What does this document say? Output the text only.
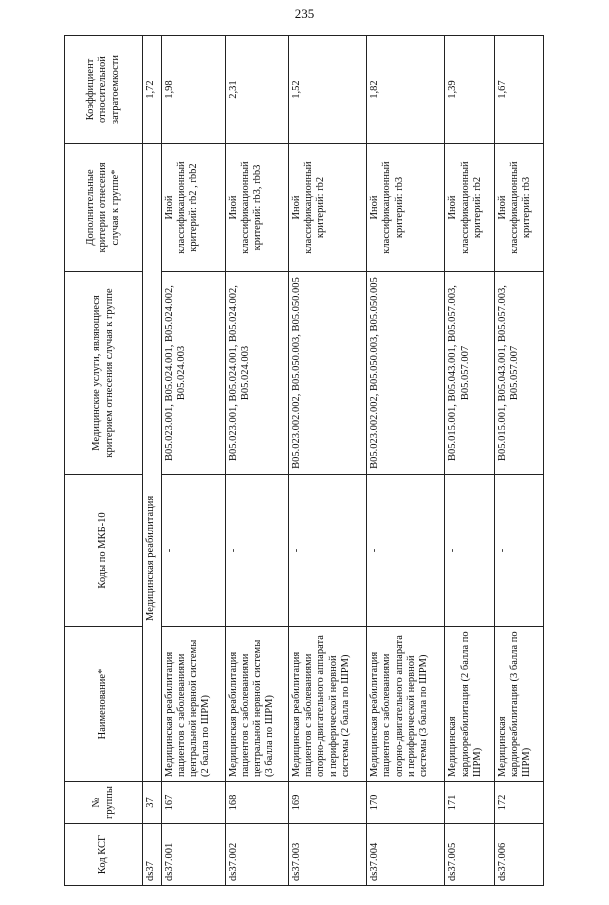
235
Код КСГ	№ группы	Наименование*	Коды по МКБ-10	Медицинские услуги, являющиеся критерием отнесения случая к группе	Дополнительные критерии отнесения случая к группе*	Коэффициент относительной затратоемкости
ds37	37	Медицинская реабилитация				1,72
ds37.001	167	Медицинская реабилитация пациентов с заболеваниями центральной нервной системы (2 балла по ШРМ)	-	B05.023.001, B05.024.001, B05.024.002, B05.024.003	Иной классификационный критерий: rb2 , rbb2	1,98
ds37.002	168	Медицинская реабилитация пациентов с заболеваниями центральной нервной системы (3 балла по ШРМ)	-	B05.023.001, B05.024.001, B05.024.002, B05.024.003	Иной классификационный критерий: rb3, rbb3	2,31
ds37.003	169	Медицинская реабилитация пациентов с заболеваниями опорно-двигательного аппарата и периферической нервной системы (2 балла по ШРМ)	-	B05.023.002.002, B05.050.003, B05.050.005	Иной классификационный критерий: rb2	1,52
ds37.004	170	Медицинская реабилитация пациентов с заболеваниями опорно-двигательного аппарата и периферической нервной системы (3 балла по ШРМ)	-	B05.023.002.002, B05.050.003, B05.050.005	Иной классификационный критерий: rb3	1,82
ds37.005	171	Медицинская кардиореабилитация (2 балла по ШРМ)	-	B05.015.001, B05.043.001, B05.057.003, B05.057.007	Иной классификационный критерий: rb2	1,39
ds37.006	172	Медицинская кардиореабилитация (3 балла по ШРМ)	-	B05.015.001, B05.043.001, B05.057.003, B05.057.007	Иной классификационный критерий: rb3	1,67
